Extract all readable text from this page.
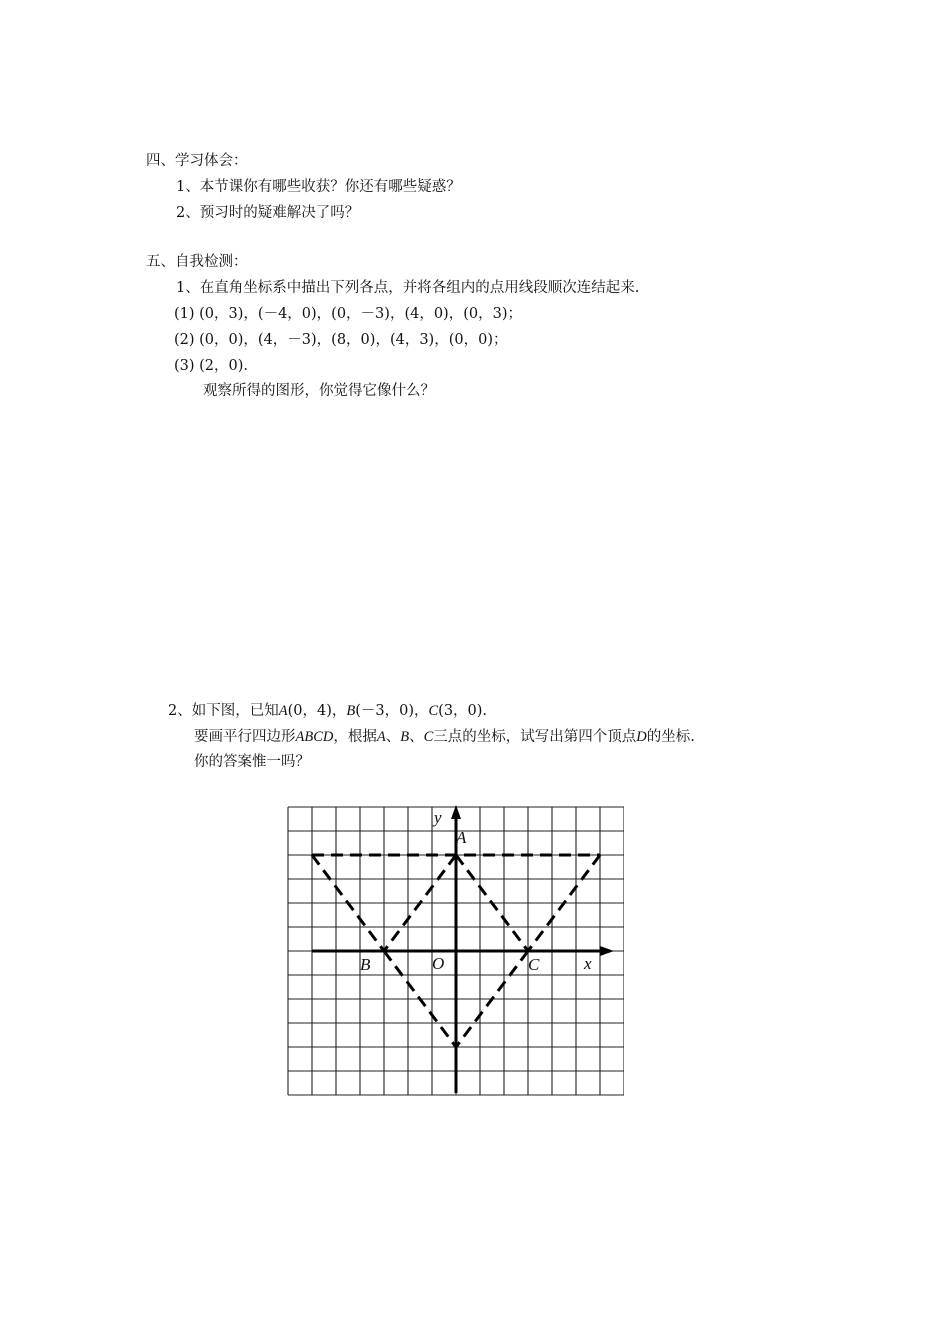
四、学习体会：
1、本节课你有哪些收获？你还有哪些疑惑？
2、预习时的疑难解决了吗？
五、自我检测：
1、在直角坐标系中描出下列各点，并将各组内的点用线段顺次连结起来.
(1) (0，3)，(－4，0)，(0，－3)，(4，0)，(0，3)；
(2) (0，0)，(4，－3)，(8，0)，(4，3)，(0，0)；
(3) (2，0).
观察所得的图形，你觉得它像什么？
2、如下图，已知A(0，4)，B(－3，0)，C(3，0).
要画平行四边形ABCD，根据A、B、C三点的坐标，试写出第四个顶点D的坐标.
你的答案惟一吗？
y
A
B	O	C	x
